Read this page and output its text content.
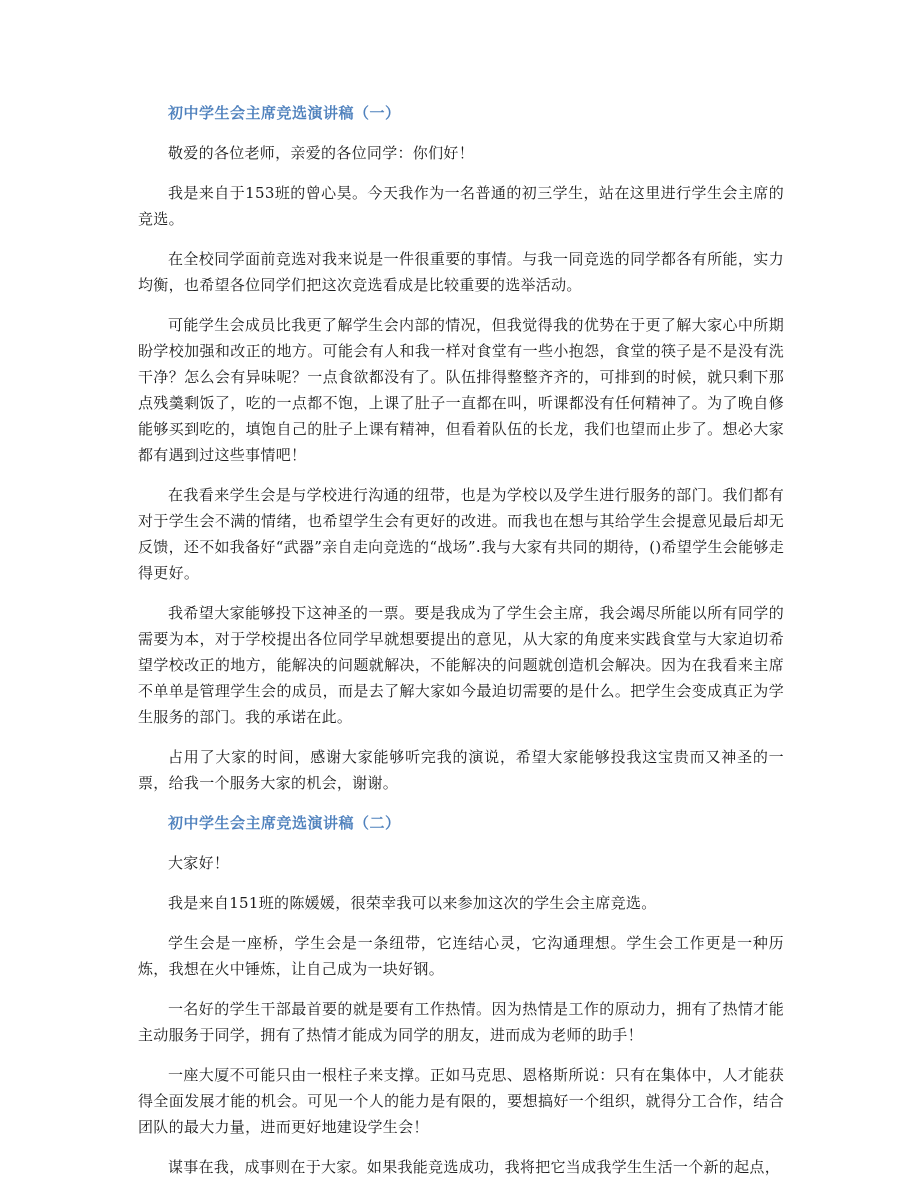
初中学生会主席竞选演讲稿（一）

敬爱的各位老师，亲爱的各位同学：你们好！

我是来自于153班的曾心昊。今天我作为一名普通的初三学生，站在这里进行学生会主席的竞选。

在全校同学面前竞选对我来说是一件很重要的事情。与我一同竞选的同学都各有所能，实力均衡，也希望各位同学们把这次竞选看成是比较重要的选举活动。

可能学生会成员比我更了解学生会内部的情况，但我觉得我的优势在于更了解大家心中所期盼学校加强和改正的地方。可能会有人和我一样对食堂有一些小抱怨，食堂的筷子是不是没有洗干净？怎么会有异味呢？一点食欲都没有了。队伍排得整整齐齐的，可排到的时候，就只剩下那点残羹剩饭了，吃的一点都不饱，上课了肚子一直都在叫，听课都没有任何精神了。为了晚自修能够买到吃的，填饱自己的肚子上课有精神，但看着队伍的长龙，我们也望而止步了。想必大家都有遇到过这些事情吧！

在我看来学生会是与学校进行沟通的纽带，也是为学校以及学生进行服务的部门。我们都有对于学生会不满的情绪，也希望学生会有更好的改进。而我也在想与其给学生会提意见最后却无反馈，还不如我备好“武器”亲自走向竞选的“战场”.我与大家有共同的期待，()希望学生会能够走得更好。

我希望大家能够投下这神圣的一票。要是我成为了学生会主席，我会竭尽所能以所有同学的需要为本，对于学校提出各位同学早就想要提出的意见，从大家的角度来实践食堂与大家迫切希望学校改正的地方，能解决的问题就解决，不能解决的问题就创造机会解决。因为在我看来主席不单单是管理学生会的成员，而是去了解大家如今最迫切需要的是什么。把学生会变成真正为学生服务的部门。我的承诺在此。

占用了大家的时间，感谢大家能够听完我的演说，希望大家能够投我这宝贵而又神圣的一票，给我一个服务大家的机会，谢谢。

初中学生会主席竞选演讲稿（二）

大家好！

我是来自151班的陈媛媛，很荣幸我可以来参加这次的学生会主席竞选。

学生会是一座桥，学生会是一条纽带，它连结心灵，它沟通理想。学生会工作更是一种历炼，我想在火中锤炼，让自己成为一块好钢。

一名好的学生干部最首要的就是要有工作热情。因为热情是工作的原动力，拥有了热情才能主动服务于同学，拥有了热情才能成为同学的朋友，进而成为老师的助手！

一座大厦不可能只由一根柱子来支撑。正如马克思、恩格斯所说：只有在集体中，人才能获得全面发展才能的机会。可见一个人的能力是有限的，要想搞好一个组织，就得分工合作，结合团队的最大力量，进而更好地建设学生会！

谋事在我，成事则在于大家。如果我能竞选成功，我将把它当成我学生生活一个新的起点，
